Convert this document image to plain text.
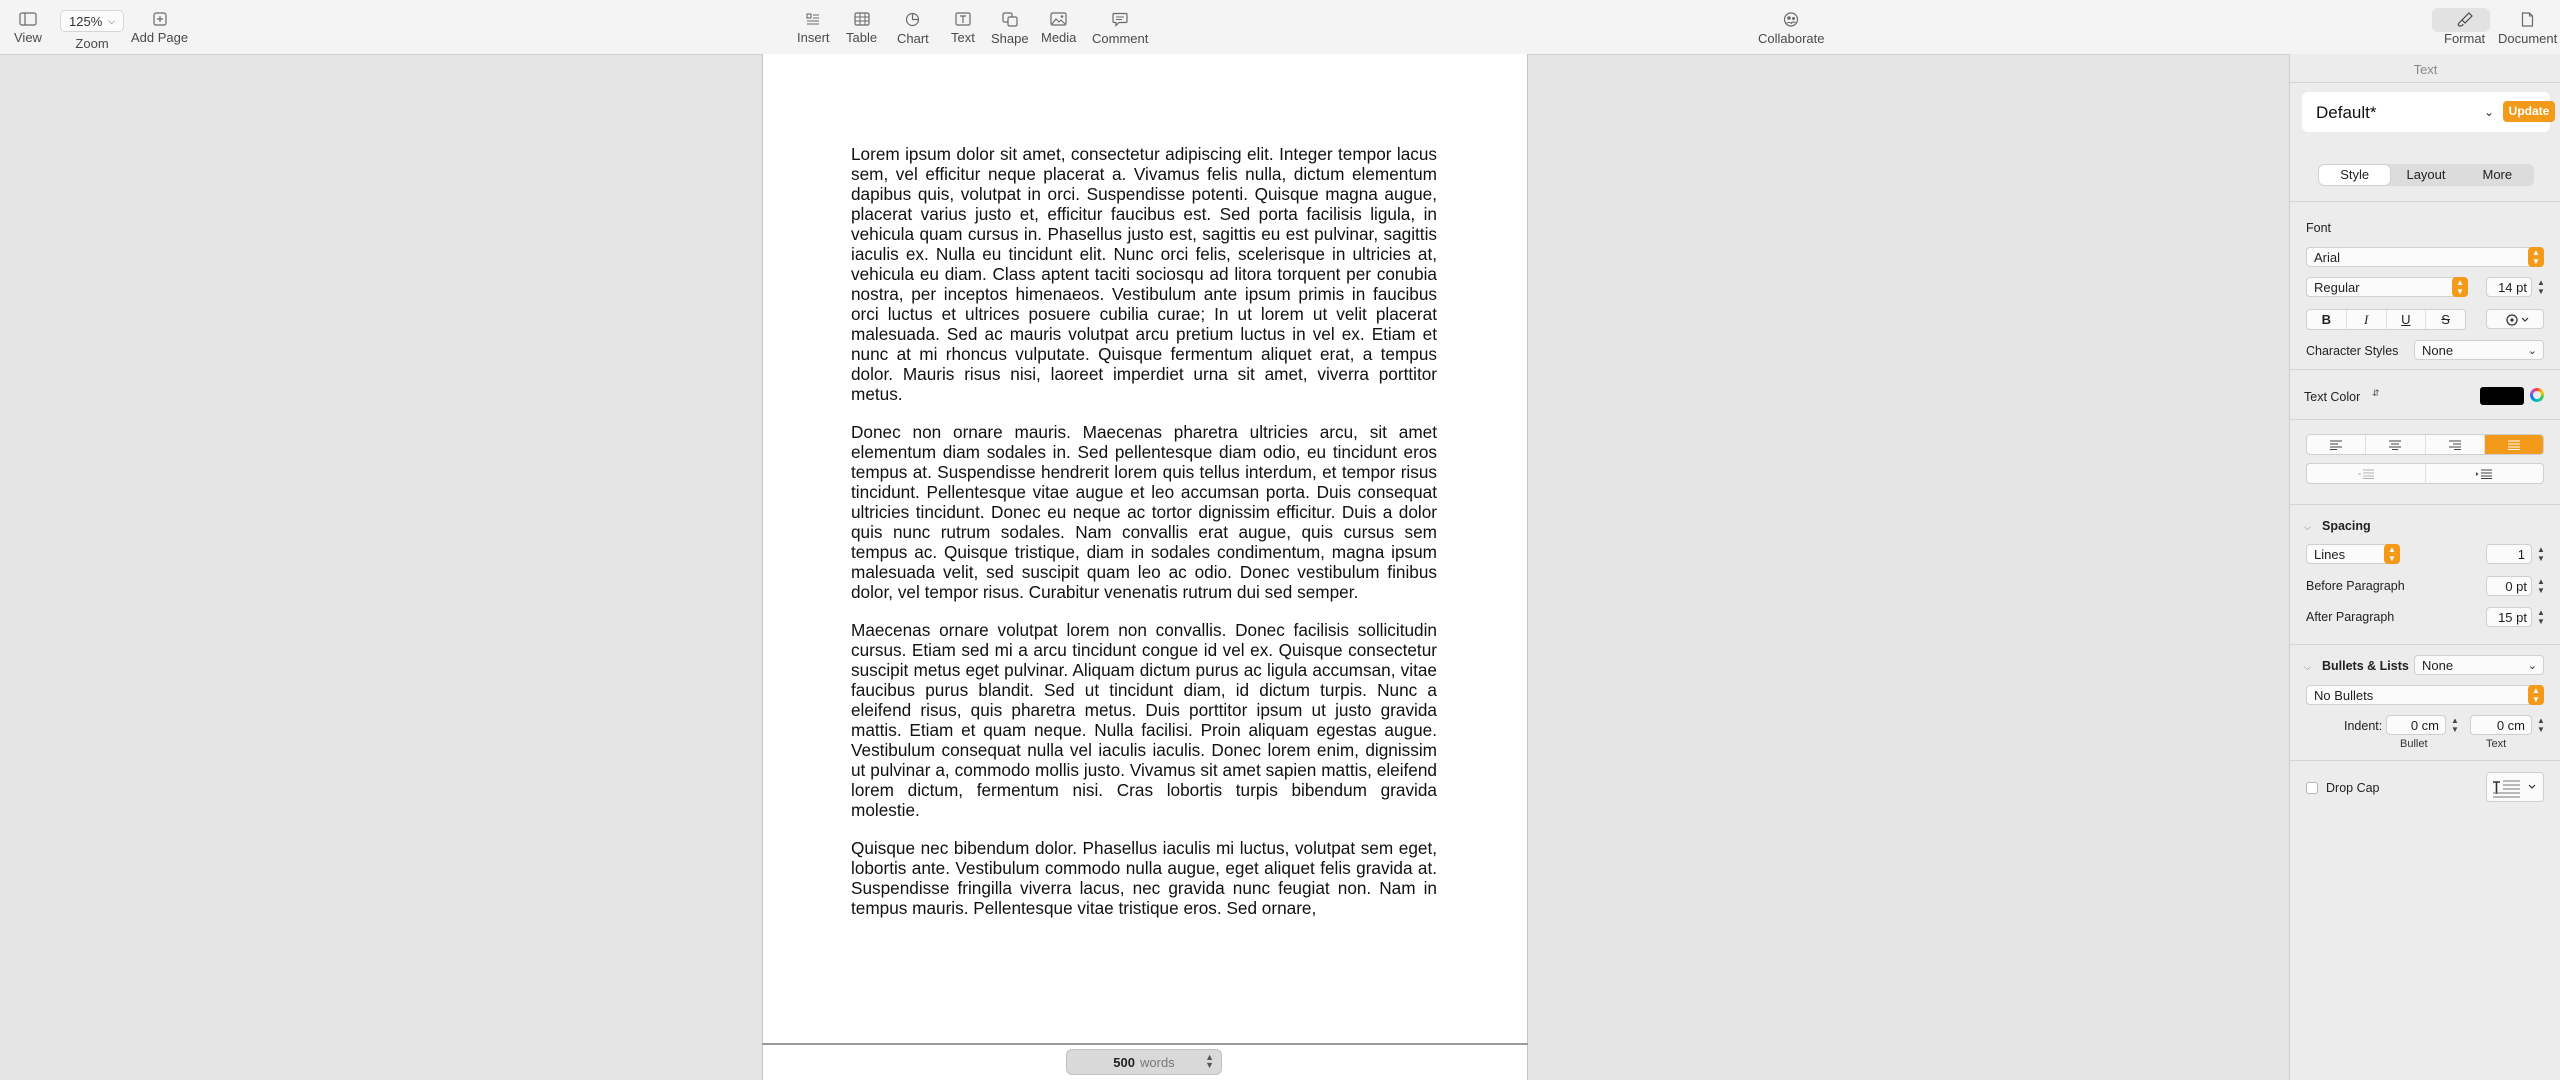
View
125% ⌵
Zoom Add Page	Insert Table Chart Text Shape Media Comment	Collaborate	Format Document

Lorem ipsum dolor sit amet, consectetur adipiscing elit. Integer tempor lacus sem, vel efficitur neque placerat a. Vivamus felis nulla, dictum elementum dapibus quis, volutpat in orci. Suspendisse potenti. Quisque magna augue, placerat varius justo et, efficitur faucibus est. Sed porta facilisis ligula, in vehicula quam cursus in. Phasellus justo est, sagittis eu est pulvinar, sagittis iaculis ex. Nulla eu tincidunt elit. Nunc orci felis, scelerisque in ultricies at, vehicula eu diam. Class aptent taciti sociosqu ad litora torquent per conubia nostra, per inceptos himenaeos. Vestibulum ante ipsum primis in faucibus orci luctus et ultrices posuere cubilia curae; In ut lorem ut velit placerat malesuada. Sed ac mauris volutpat arcu pretium luctus in vel ex. Etiam et nunc at mi rhoncus vulputate. Quisque fermentum aliquet erat, a tempus dolor. Mauris risus nisi, laoreet imperdiet urna sit amet, viverra porttitor metus.

Donec non ornare mauris. Maecenas pharetra ultricies arcu, sit amet elementum diam sodales in. Sed pellentesque diam odio, eu tincidunt eros tempus at. Suspendisse hendrerit lorem quis tellus interdum, et tempor risus tincidunt. Pellentesque vitae augue et leo accumsan porta. Duis consequat ultricies tincidunt. Donec eu neque ac tortor dignissim efficitur. Duis a dolor quis nunc rutrum sodales. Nam convallis erat augue, quis cursus sem tempus ac. Quisque tristique, diam in sodales condimentum, magna ipsum malesuada velit, sed suscipit quam leo ac odio. Donec vestibulum finibus dolor, vel tempor risus. Curabitur venenatis rutrum dui sed semper.

Maecenas ornare volutpat lorem non convallis. Donec facilisis sollicitudin cursus. Etiam sed mi a arcu tincidunt congue id vel ex. Quisque consectetur suscipit metus eget pulvinar. Aliquam dictum purus ac ligula accumsan, vitae faucibus purus blandit. Sed ut tincidunt diam, id dictum turpis. Nunc a eleifend risus, quis pharetra metus. Duis porttitor ipsum ut justo gravida mattis. Etiam et quam neque. Nulla facilisi. Proin aliquam egestas augue. Vestibulum consequat nulla vel iaculis iaculis. Donec lorem enim, dignissim ut pulvinar a, commodo mollis justo. Vivamus sit amet sapien mattis, eleifend lorem dictum, fermentum nisi. Cras lobortis turpis bibendum gravida molestie.

Quisque nec bibendum dolor. Phasellus iaculis mi luctus, volutpat sem eget, lobortis ante. Vestibulum commodo nulla augue, eget aliquet felis gravida at. Suspendisse fringilla viverra lacus, nec gravida nunc feugiat non. Nam in tempus mauris. Pellentesque vitae tristique eros. Sed ornare,

500 words	▲
▼
Text
Default*	⌄	Update
Style	Layout	More
Font
Arial	▲
▼
Regular	▲
▼	14 pt	▲
▼
B	I	U	S
Character Styles	None	⌄
Text Color ⇵
⌵ Spacing
Lines	▲
▼	1	▲
▼
Before Paragraph	0 pt	▲
▼
After Paragraph	15 pt	▲
▼
⌵ Bullets & Lists	None	⌄
No Bullets	▲
▼
Indent:	0 cm	▲
▼	0 cm	▲
▼
Bullet	Text
Drop Cap
